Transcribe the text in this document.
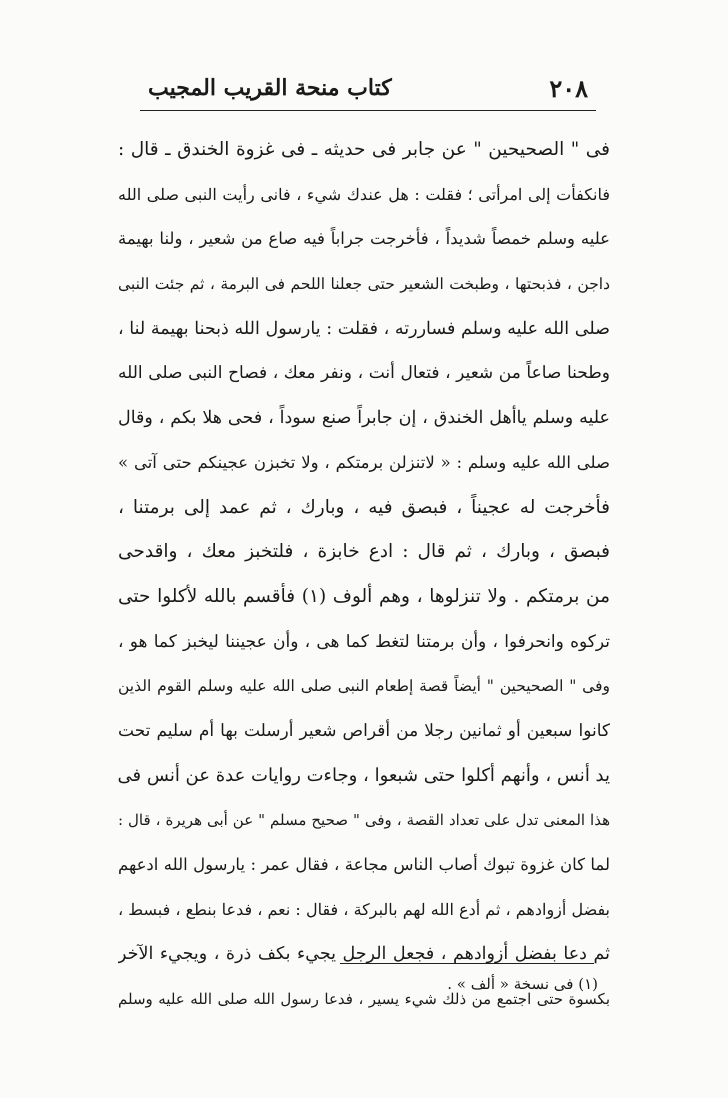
٢٠٨
كتاب منحة القريب المجيب
فى " الصحيحين " عن جابر فى حديثه ـ فى غزوة الخندق ـ قال :
فانكفأت إلى امرأتى ؛ فقلت : هل عندك شيء ، فانى رأيت النبى صلى الله
عليه وسلم خمصاً شديداً ، فأخرجت جراباً فيه صاع من شعير ، ولنا بهيمة
داجن ، فذبحتها ، وطبخت الشعير حتى جعلنا اللحم فى البرمة ، ثم جئت النبى
صلى الله عليه وسلم فساررته ، فقلت : يارسول الله ذبحنا بهيمة لنا ،
وطحنا صاعاً من شعير ، فتعال أنت ، ونفر معك ، فصاح النبى صلى الله
عليه وسلم ياأهل الخندق ، إن جابراً صنع سوداً ، فحى هلا بكم ، وقال
صلى الله عليه وسلم : « لاتنزلن برمتكم ، ولا تخبزن عجينكم حتى آتى »
فأخرجت له عجيناً ، فبصق فيه ، وبارك ، ثم عمد إلى برمتنا ،
فبصق ، وبارك ، ثم قال : ادع خابزة ، فلتخبز معك ، واقدحى
من برمتكم . ولا تنزلوها ، وهم ألوف (١) فأقسم بالله لأكلوا حتى
تركوه وانحرفوا ، وأن برمتنا لتغط كما هى ، وأن عجيننا ليخبز كما هو ،
وفى " الصحيحين " أيضاً قصة إطعام النبى صلى الله عليه وسلم القوم الذين
كانوا سبعين أو ثمانين رجلا من أقراص شعير أرسلت بها أم سليم تحت
يد أنس ، وأنهم أكلوا حتى شبعوا ، وجاءت روايات عدة عن أنس فى
هذا المعنى تدل على تعداد القصة ، وفى " صحيح مسلم " عن أبى هريرة ، قال :
لما كان غزوة تبوك أصاب الناس مجاعة ، فقال عمر : يارسول الله ادعهم
بفضل أزوادهم ، ثم أدع الله لهم بالبركة ، فقال : نعم ، فدعا بنطع ، فبسط ،
ثم دعا بفضل أزوادهم ، فجعل الرجل يجيء بكف ذرة ، ويجيء الآخر
بكسوة حتى اجتمع من ذلك شيء يسير ، فدعا رسول الله صلى الله عليه وسلم
(١) فى نسخة « ألف » .
